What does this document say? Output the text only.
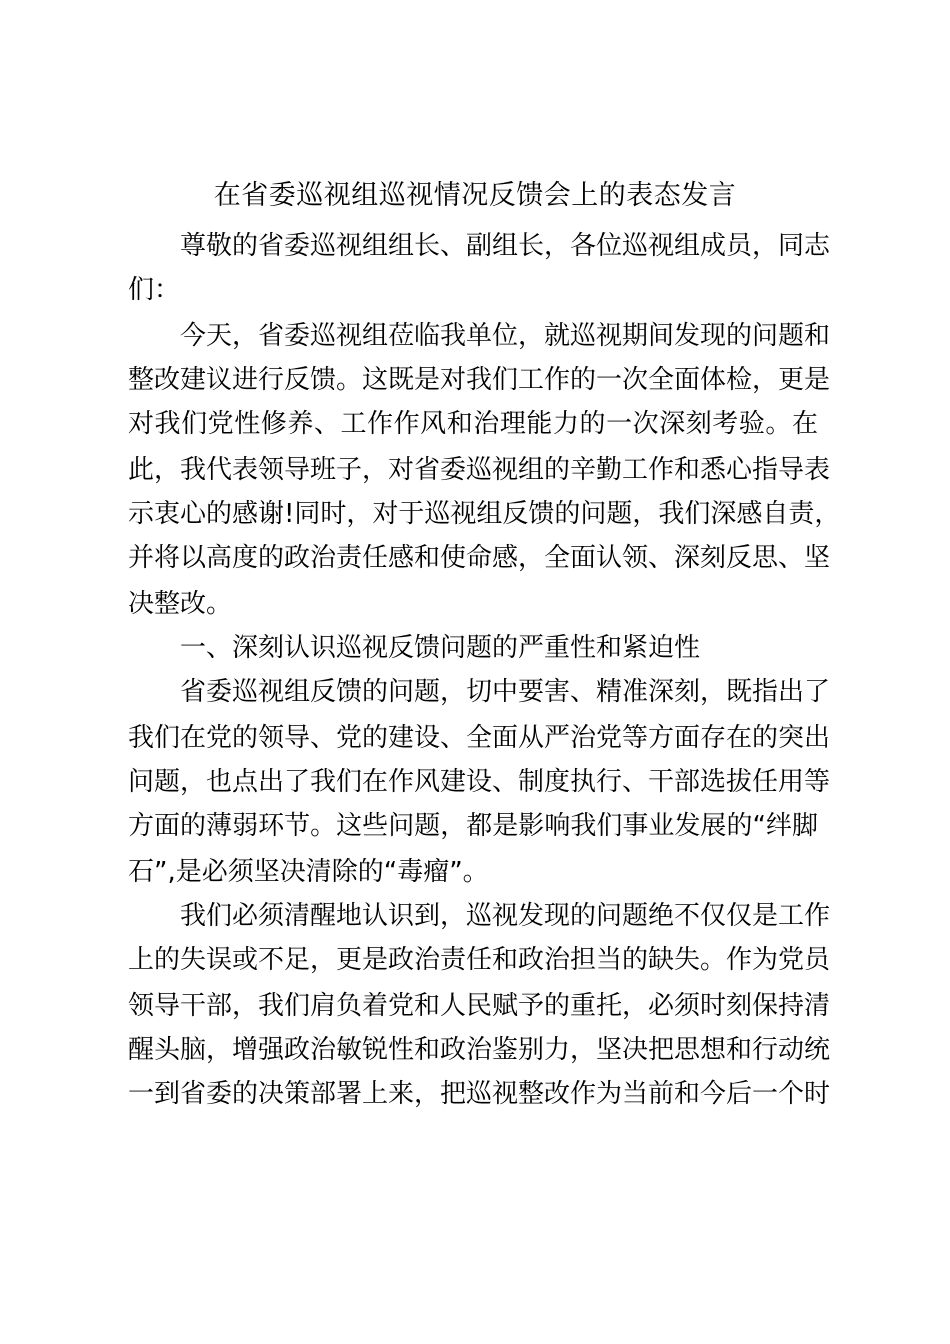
在省委巡视组巡视情况反馈会上的表态发言

尊敬的省委巡视组组长、副组长，各位巡视组成员，同志

们：

今天，省委巡视组莅临我单位，就巡视期间发现的问题和

整改建议进行反馈。这既是对我们工作的一次全面体检，更是

对我们党性修养、工作作风和治理能力的一次深刻考验。在

此，我代表领导班子，对省委巡视组的辛勤工作和悉心指导表

示衷心的感谢!同时，对于巡视组反馈的问题，我们深感自责，

并将以高度的政治责任感和使命感，全面认领、深刻反思、坚

决整改。

一、深刻认识巡视反馈问题的严重性和紧迫性

省委巡视组反馈的问题，切中要害、精准深刻，既指出了

我们在党的领导、党的建设、全面从严治党等方面存在的突出

问题，也点出了我们在作风建设、制度执行、干部选拔任用等

方面的薄弱环节。这些问题，都是影响我们事业发展的“绊脚

石”,是必须坚决清除的“毒瘤”。

我们必须清醒地认识到，巡视发现的问题绝不仅仅是工作

上的失误或不足，更是政治责任和政治担当的缺失。作为党员

领导干部，我们肩负着党和人民赋予的重托，必须时刻保持清

醒头脑，增强政治敏锐性和政治鉴别力，坚决把思想和行动统

一到省委的决策部署上来，把巡视整改作为当前和今后一个时
